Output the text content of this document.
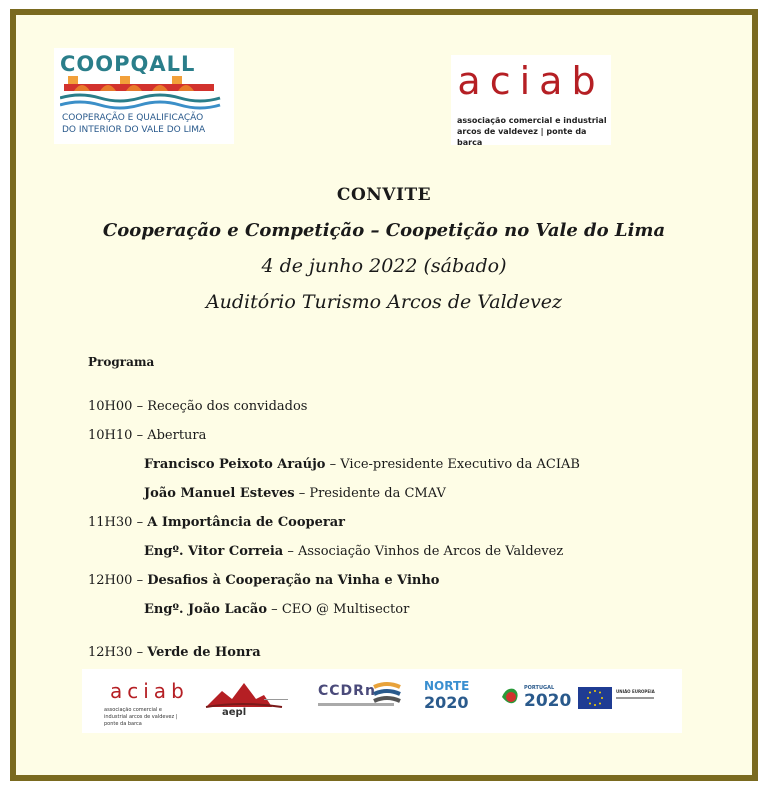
COOPQALL
COOPERAÇÃO E QUALIFICAÇÃO
DO INTERIOR DO VALE DO LIMA
aciab
associação comercial e industrial
arcos de valdevez | ponte da barca
CONVITE
Cooperação e Competição – Coopetição no Vale do Lima
4 de junho 2022 (sábado)
Auditório Turismo Arcos de Valdevez
Programa
10H00 – Receção dos convidados
10H10 – Abertura
Francisco Peixoto Araújo – Vice-presidente Executivo da ACIAB
João Manuel Esteves – Presidente da CMAV
11H30 – A Importância de Cooperar
Engº. Vitor Correia – Associação Vinhos de Arcos de Valdevez
12H00 – Desafios à Cooperação na Vinha e Vinho
Engº. João Lacão – CEO @ Multisector
12H30 – Verde de Honra
aciab
associação comercial e industrial arcos de valdevez | ponte da barca
aepl
CCDRn	NORTE
2020
PORTUGAL
2020	UNIÃO EUROPEIA
